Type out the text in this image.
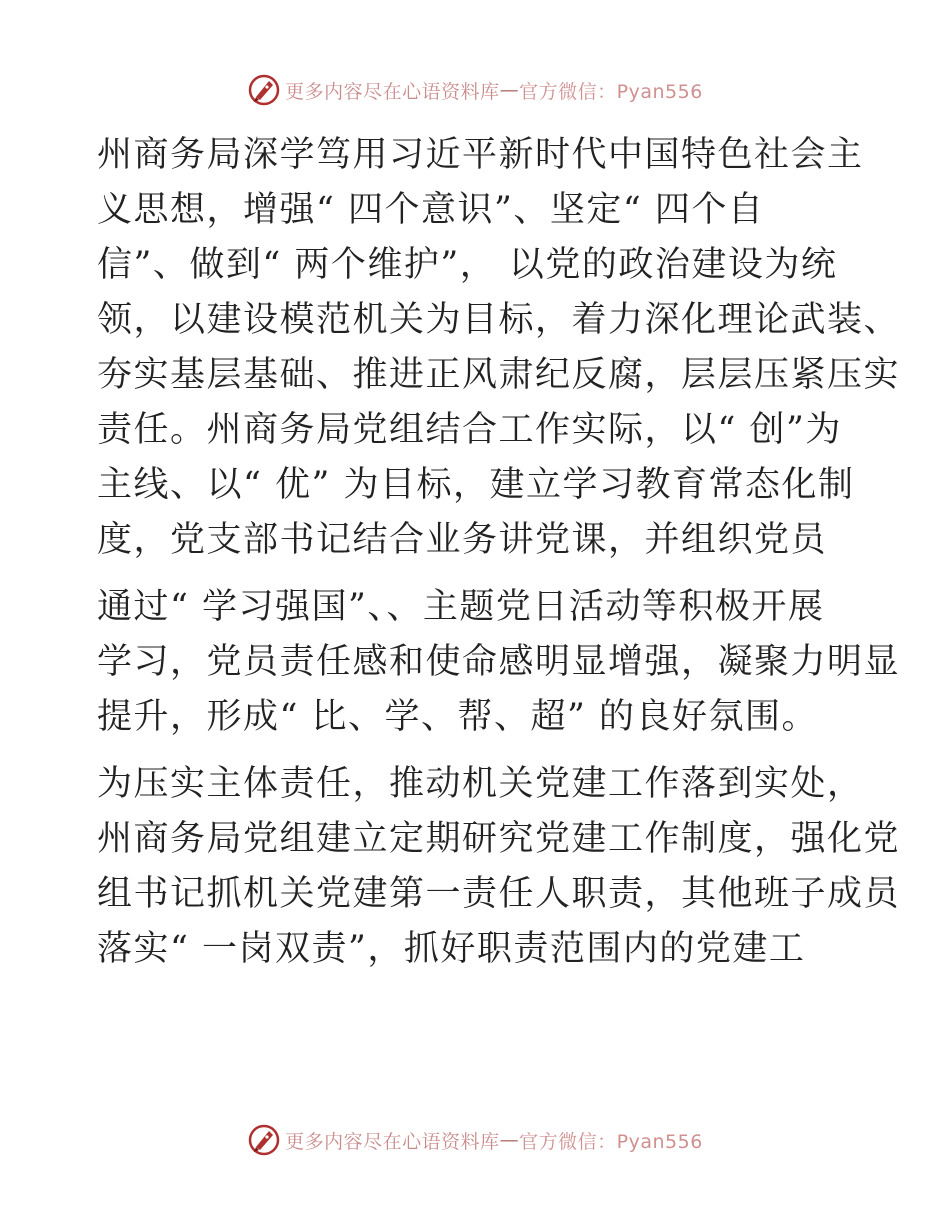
更多内容尽在心语资料库 — 官方微信：Pyan556
州商务局深学笃用习近平新时代中国特色社会主
义思想，增强“ 四个意识”、坚定“ 四个自
信”、做到“ 两个维护”， 以党的政治建设为统
领，以建设模范机关为目标，着力深化理论武装、
夯实基层基础、推进正风肃纪反腐，层层压紧压实
责任。州商务局党组结合工作实际，以“ 创”为
主线、以“ 优” 为目标，建立学习教育常态化制
度，党支部书记结合业务讲党课，并组织党员
通过“ 学习强国”、、主题党日活动等积极开展
学习，党员责任感和使命感明显增强，凝聚力明显
提升，形成“ 比、学、帮、超” 的良好氛围。
为压实主体责任，推动机关党建工作落到实处，
州商务局党组建立定期研究党建工作制度，强化党
组书记抓机关党建第一责任人职责，其他班子成员
落实“ 一岗双责”，抓好职责范围内的党建工
更多内容尽在心语资料库 — 官方微信：Pyan556
